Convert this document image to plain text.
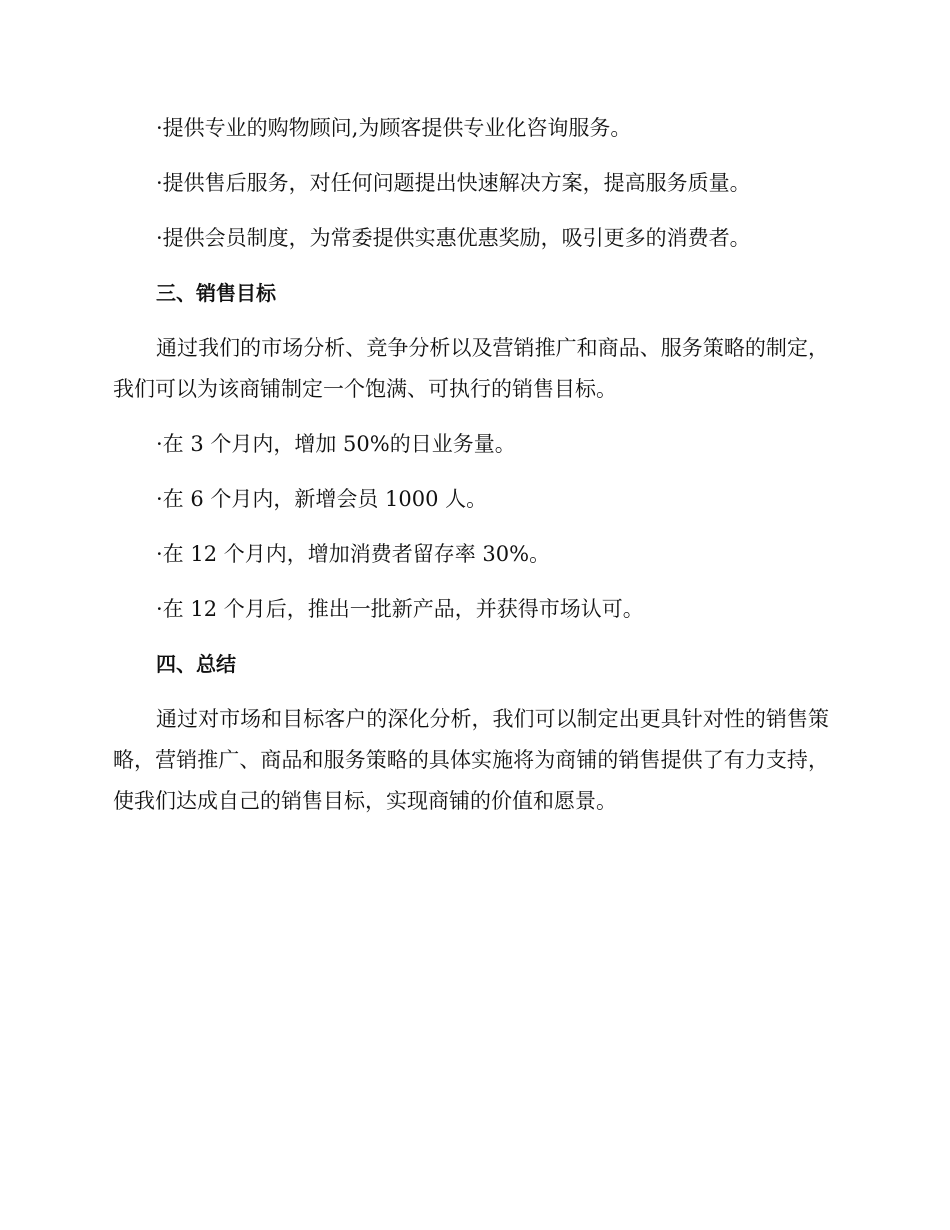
·提供专业的购物顾问,为顾客提供专业化咨询服务。
·提供售后服务，对任何问题提出快速解决方案，提高服务质量。
·提供会员制度，为常委提供实惠优惠奖励，吸引更多的消费者。
三、销售目标

通过我们的市场分析、竞争分析以及营销推广和商品、服务策略的制定，我们可以为该商铺制定一个饱满、可执行的销售目标。

·在 3 个月内，增加 50%的日业务量。
·在 6 个月内，新增会员 1000 人。
·在 12 个月内，增加消费者留存率 30%。
·在 12 个月后，推出一批新产品，并获得市场认可。
四、总结

通过对市场和目标客户的深化分析，我们可以制定出更具针对性的销售策略，营销推广、商品和服务策略的具体实施将为商铺的销售提供了有力支持，使我们达成自己的销售目标，实现商铺的价值和愿景。
